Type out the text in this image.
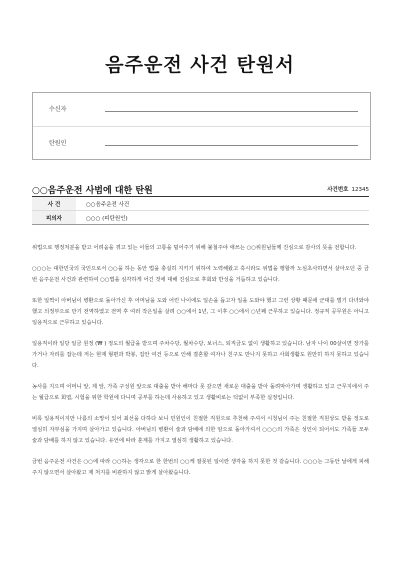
음주운전 사건 탄원서
수신자
탄원인
○○음주운전 사범에 대한 탄원	사건번호 12345
사 건	○○음주운전 사건
피의자	○○○ (피탄원인)

위법으로 행정처분을 받고 어려움을 겪고 있는 이들의 고통을 덜어주기 위해 불철주야 애쓰는 ○○위원님들께 진심으로 감사의 뜻을 전합니다.

○○○는 대한민국의 국민으로서 ○○을 하는 동안 법을 충실히 지키기 위하여 노력해왔고 혹시라도 위법을 행할까 노심초사하면서 살아오던 중 금번 음주운전 사건과 관련하여 ○○법을 심각하게 어긴 것에 대해 진심으로 후회와 반성을 거듭하고 있습니다.

또한 일찍이 아버님이 병환으로 돌아가신 후 어머님을 도와 어린 나이에도 일손을 돕고자 일을 도와야 했고 그런 상황 때문에 군대를 벌기 다녀와야 했고 의정부으로 만기 전역하였고 전역 후 여러 작은일을 살려 ○○에서 1년, 그 이후 ○○에서 ○년째 근무하고 있습니다. 정규직 공무원은 아니고 일용직으로 근무하고 있습니다.

일용직이라 일당 일금 원정 (₩ ) 정도의 월급을 받으며 주차수당, 월차수당, 보너스, 퇴직금도 없이 생활하고 있습니다. 남자 나이 00살이면 장가를 가거나 자리를 잡는데 저는 현재 형편과 박봉, 집안 여건 등으로 인해 결혼할 여자나 친구도 만나지 못하고 사회생활도 원만히 하지 못하고 있습니다.

농사를 지으며 어머니 앞, 제 앞, 가족 구성원 앞으로 대출을 받아 해마다 못 갚으면 새로운 대출을 받아 돌려막아가며 생활하고 있고 근무지에서 주는 월급으로 회엽, 시험을 위한 학원에 다니며 공부를 하는데 사용하고 있고 생활비로는 턱없이 부족한 실정입니다.

비록 일용직이지만 나름의 소망이 있어 최선을 다하다 보니 민원인이 친절한 직원으로 추천해 주셔서 시청님이 주는 친절한 직원상도 받을 정도로 열심히 자부심을 가지며 살아가고 있습니다. 아버님의 병환이 술과 담배에 의한 암으로 돌아가셔서 ○○○의 가족은 성인이 되어서도 가족들 모두 술과 담배를 하지 않고 있습니다. 유언에 따라 훈계를 가지고 열심히 생활하고 있습니다.

금번 음주운전 사건은 ○○에 따라 ○○하는 생각으로 한 한번의 ○○케 잘못된 일이란 생각을 하지 못한 것 같습니다. ○○○는 그동안 날에게 피해주지 않으면서 살아왔고 제 처지를 비관하지 않고 밝게 살아왔습니다.
